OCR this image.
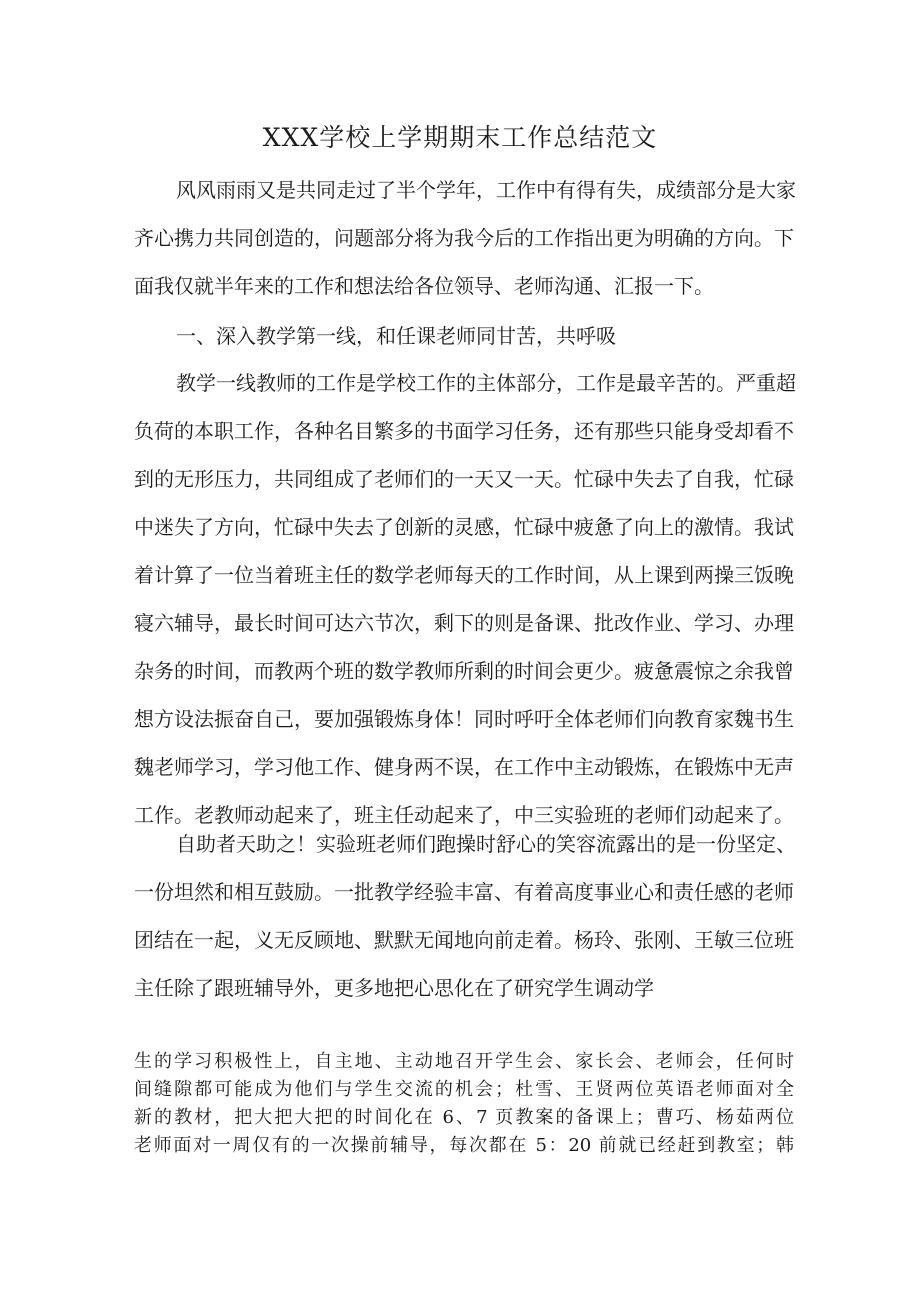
XXX学校上学期期末工作总结范文
风风雨雨又是共同走过了半个学年，工作中有得有失，成绩部分是大家
齐心携力共同创造的，问题部分将为我今后的工作指出更为明确的方向。下
面我仅就半年来的工作和想法给各位领导、老师沟通、汇报一下。
一、深入教学第一线，和任课老师同甘苦，共呼吸
教学一线教师的工作是学校工作的主体部分，工作是最辛苦的。严重超
负荷的本职工作，各种名目繁多的书面学习任务，还有那些只能身受却看不
到的无形压力，共同组成了老师们的一天又一天。忙碌中失去了自我，忙碌
中迷失了方向，忙碌中失去了创新的灵感，忙碌中疲惫了向上的激情。我试
着计算了一位当着班主任的数学老师每天的工作时间，从上课到两操三饭晚
寝六辅导，最长时间可达六节次，剩下的则是备课、批改作业、学习、办理
杂务的时间，而教两个班的数学教师所剩的时间会更少。疲惫震惊之余我曾
想方设法振奋自己，要加强锻炼身体！同时呼吁全体老师们向教育家魏书生
魏老师学习，学习他工作、健身两不误，在工作中主动锻炼，在锻炼中无声
工作。老教师动起来了，班主任动起来了，中三实验班的老师们动起来了。
自助者天助之！实验班老师们跑操时舒心的笑容流露出的是一份坚定、
一份坦然和相互鼓励。一批教学经验丰富、有着高度事业心和责任感的老师
团结在一起，义无反顾地、默默无闻地向前走着。杨玲、张刚、王敏三位班
主任除了跟班辅导外，更多地把心思化在了研究学生调动学
生的学习积极性上，自主地、主动地召开学生会、家长会、老师会，任何时
间缝隙都可能成为他们与学生交流的机会；杜雪、王贤两位英语老师面对全
新的教材，把大把大把的时间化在 6、7 页教案的备课上；曹巧、杨茹两位
老师面对一周仅有的一次操前辅导，每次都在 5：20 前就已经赶到教室；韩
